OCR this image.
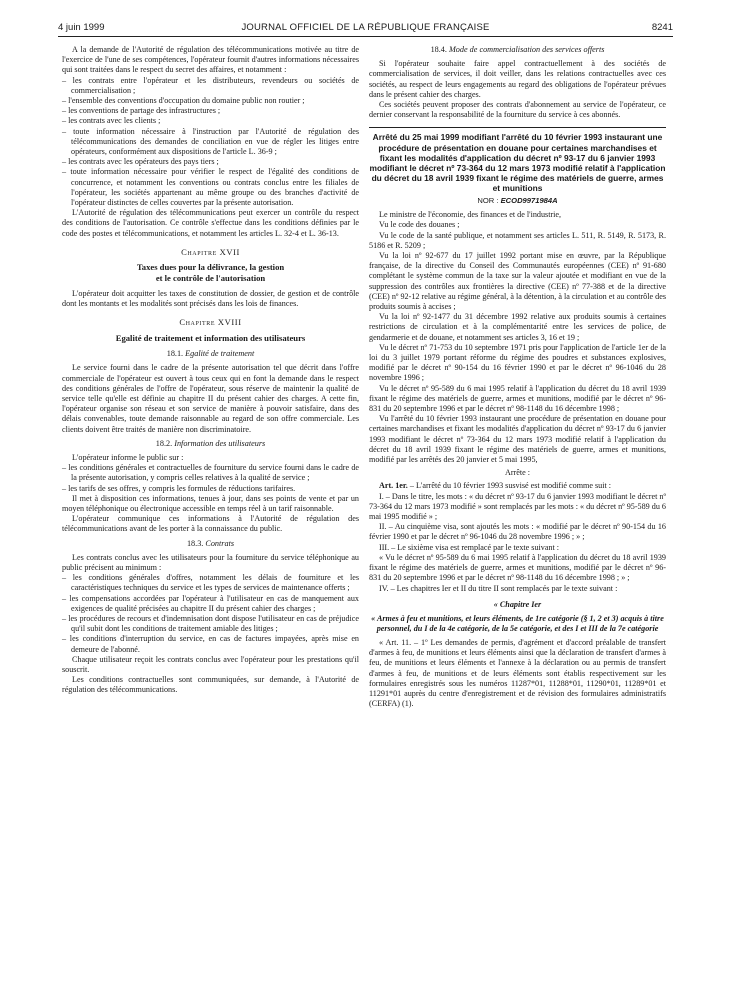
4 juin 1999	JOURNAL OFFICIEL DE LA RÉPUBLIQUE FRANÇAISE	8241

A la demande de l'Autorité de régulation des télécommunications motivée au titre de l'exercice de l'une de ses compétences, l'opérateur fournit d'autres informations nécessaires qui sont traitées dans le respect du secret des affaires, et notamment :

– les contrats entre l'opérateur et les distributeurs, revendeurs ou sociétés de commercialisation ;

– l'ensemble des conventions d'occupation du domaine public non routier ;

– les conventions de partage des infrastructures ;

– les contrats avec les clients ;

– toute information nécessaire à l'instruction par l'Autorité de régulation des télécommunications des demandes de conciliation en vue de régler les litiges entre opérateurs, conformément aux dispositions de l'article L. 36-9 ;

– les contrats avec les opérateurs des pays tiers ;

– toute information nécessaire pour vérifier le respect de l'égalité des conditions de concurrence, et notamment les conventions ou contrats conclus entre les filiales de l'opérateur, les sociétés appartenant au même groupe ou des branches d'activité de l'opérateur distinctes de celles couvertes par la présente autorisation.

L'Autorité de régulation des télécommunications peut exercer un contrôle du respect des conditions de l'autorisation. Ce contrôle s'effectue dans les conditions définies par le code des postes et télécommunications, et notamment les articles L. 32-4 et L. 36-13.

Chapitre XVII
Taxes dues pour la délivrance, la gestion
et le contrôle de l'autorisation

L'opérateur doit acquitter les taxes de constitution de dossier, de gestion et de contrôle dont les montants et les modalités sont précisés dans les lois de finances.

Chapitre XVIII
Egalité de traitement et information des utilisateurs
18.1. Egalité de traitement

Le service fourni dans le cadre de la présente autorisation tel que décrit dans l'offre commerciale de l'opérateur est ouvert à tous ceux qui en font la demande dans le respect des conditions générales de l'offre de l'opérateur, sous réserve de maintenir la qualité de service telle qu'elle est définie au chapitre II du présent cahier des charges. A cette fin, l'opérateur organise son réseau et son service de manière à pouvoir satisfaire, dans des délais convenables, toute demande raisonnable au regard de son offre commerciale. Les clients doivent être traités de manière non discriminatoire.

18.2. Information des utilisateurs

L'opérateur informe le public sur :

– les conditions générales et contractuelles de fourniture du service fourni dans le cadre de la présente autorisation, y compris celles relatives à la qualité de service ;

– les tarifs de ses offres, y compris les formules de réductions tarifaires.

Il met à disposition ces informations, tenues à jour, dans ses points de vente et par un moyen téléphonique ou électronique accessible en temps réel à un tarif raisonnable.

L'opérateur communique ces informations à l'Autorité de régulation des télécommunications avant de les porter à la connaissance du public.

18.3. Contrats

Les contrats conclus avec les utilisateurs pour la fourniture du service téléphonique au public précisent au minimum :

– les conditions générales d'offres, notamment les délais de fourniture et les caractéristiques techniques du service et les types de services de maintenance offerts ;

– les compensations accordées par l'opérateur à l'utilisateur en cas de manquement aux exigences de qualité précisées au chapitre II du présent cahier des charges ;

– les procédures de recours et d'indemnisation dont dispose l'utilisateur en cas de préjudice qu'il subit dont les conditions de traitement amiable des litiges ;

– les conditions d'interruption du service, en cas de factures impayées, après mise en demeure de l'abonné.

Chaque utilisateur reçoit les contrats conclus avec l'opérateur pour les prestations qu'il souscrit.

Les conditions contractuelles sont communiquées, sur demande, à l'Autorité de régulation des télécommunications.

18.4. Mode de commercialisation des services offerts

Si l'opérateur souhaite faire appel contractuellement à des sociétés de commercialisation de services, il doit veiller, dans les relations contractuelles avec ces sociétés, au respect de leurs engagements au regard des obligations de l'opérateur prévues dans le présent cahier des charges.

Ces sociétés peuvent proposer des contrats d'abonnement au service de l'opérateur, ce dernier conservant la responsabilité de la fourniture du service à ces abonnés.

Arrêté du 25 mai 1999 modifiant l'arrêté du 10 février 1993 instaurant une procédure de présentation en douane pour certaines marchandises et fixant les modalités d'application du décret nº 93-17 du 6 janvier 1993 modifiant le décret nº 73-364 du 12 mars 1973 modifié relatif à l'application du décret du 18 avril 1939 fixant le régime des matériels de guerre, armes et munitions
NOR : ECOD9971984A

Le ministre de l'économie, des finances et de l'industrie,

Vu le code des douanes ;

Vu le code de la santé publique, et notamment ses articles L. 511, R. 5149, R. 5173, R. 5186 et R. 5209 ;

Vu la loi nº 92-677 du 17 juillet 1992 portant mise en œuvre, par la République française, de la directive du Conseil des Communautés européennes (CEE) nº 91-680 complétant le système commun de la taxe sur la valeur ajoutée et modifiant en vue de la suppression des contrôles aux frontières la directive (CEE) nº 77-388 et de la directive (CEE) nº 92-12 relative au régime général, à la détention, à la circulation et au contrôle des produits soumis à accises ;

Vu la loi nº 92-1477 du 31 décembre 1992 relative aux produits soumis à certaines restrictions de circulation et à la complémentarité entre les services de police, de gendarmerie et de douane, et notamment ses articles 3, 16 et 19 ;

Vu le décret nº 71-753 du 10 septembre 1971 pris pour l'application de l'article 1er de la loi du 3 juillet 1979 portant réforme du régime des poudres et substances explosives, modifié par le décret nº 90-154 du 16 février 1990 et par le décret nº 96-1046 du 28 novembre 1996 ;

Vu le décret nº 95-589 du 6 mai 1995 relatif à l'application du décret du 18 avril 1939 fixant le régime des matériels de guerre, armes et munitions, modifié par le décret nº 96-831 du 20 septembre 1996 et par le décret nº 98-1148 du 16 décembre 1998 ;

Vu l'arrêté du 10 février 1993 instaurant une procédure de présentation en douane pour certaines marchandises et fixant les modalités d'application du décret nº 93-17 du 6 janvier 1993 modifiant le décret nº 73-364 du 12 mars 1973 modifié relatif à l'application du décret du 18 avril 1939 fixant le régime des matériels de guerre, armes et munitions, modifié par les arrêtés des 20 janvier et 5 mai 1995,

Arrête :

Art. 1er. – L'arrêté du 10 février 1993 susvisé est modifié comme suit :

I. – Dans le titre, les mots : « du décret nº 93-17 du 6 janvier 1993 modifiant le décret nº 73-364 du 12 mars 1973 modifié » sont remplacés par les mots : « du décret nº 95-589 du 6 mai 1995 modifié » ;

II. – Au cinquième visa, sont ajoutés les mots : « modifié par le décret nº 90-154 du 16 février 1990 et par le décret nº 96-1046 du 28 novembre 1996 ; » ;

III. – Le sixième visa est remplacé par le texte suivant :

« Vu le décret nº 95-589 du 6 mai 1995 relatif à l'application du décret du 18 avril 1939 fixant le régime des matériels de guerre, armes et munitions, modifié par le décret nº 96-831 du 20 septembre 1996 et par le décret nº 98-1148 du 16 décembre 1998 ; » ;

IV. – Les chapitres Ier et II du titre II sont remplacés par le texte suivant :

« Chapitre Ier
« Armes à feu et munitions, et leurs éléments, de 1re catégorie (§ 1, 2 et 3) acquis à titre personnel, du I de la 4e catégorie, de la 5e catégorie, et des I et III de la 7e catégorie

« Art. 11. – 1º Les demandes de permis, d'agrément et d'accord préalable de transfert d'armes à feu, de munitions et leurs éléments ainsi que la déclaration de transfert d'armes à feu, de munitions et leurs éléments et l'annexe à la déclaration ou au permis de transfert d'armes à feu, de munitions et de leurs éléments sont établis respectivement sur les formulaires enregistrés sous les numéros 11287*01, 11288*01, 11290*01, 11289*01 et 11291*01 auprès du centre d'enregistrement et de révision des formulaires administratifs (CERFA) (1).
